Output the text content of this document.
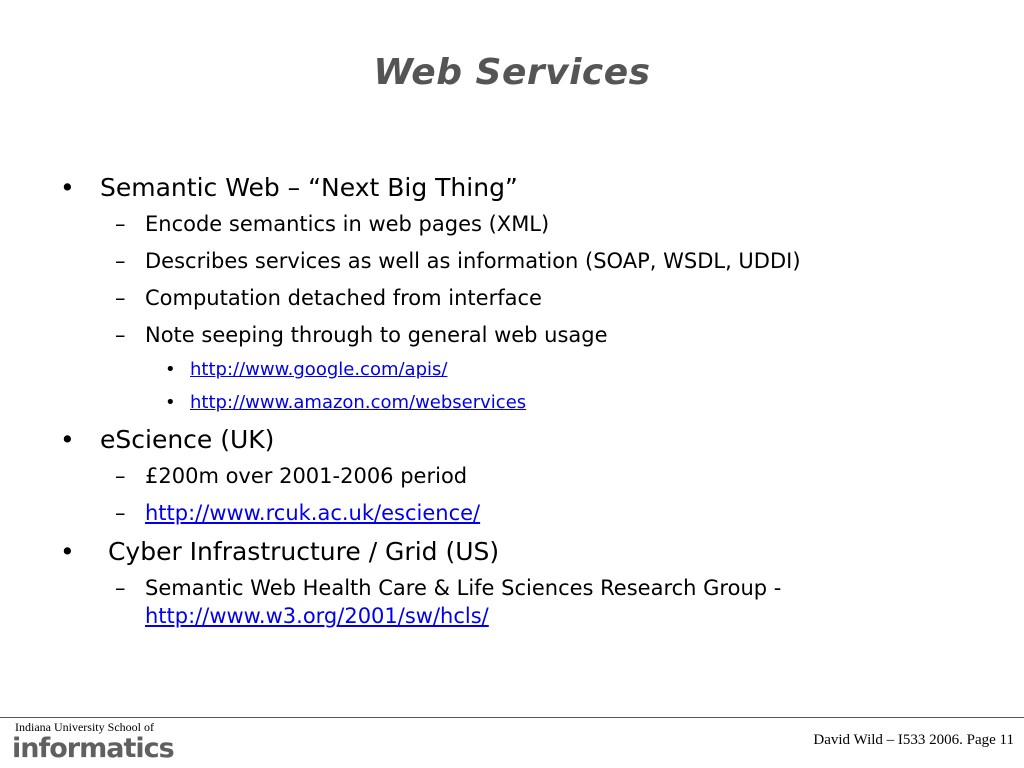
Web Services
• Semantic Web – “Next Big Thing”
– Encode semantics in web pages (XML)
– Describes services as well as information (SOAP, WSDL, UDDI)
– Computation detached from interface
– Note seeping through to general web usage
• http://www.google.com/apis/
• http://www.amazon.com/webservices
• eScience (UK)
– £200m over 2001-2006 period
– http://www.rcuk.ac.uk/escience/
• Cyber Infrastructure / Grid (US)
– Semantic Web Health Care & Life Sciences Research Group -
http://www.w3.org/2001/sw/hcls/
Indiana University School of
informatics	David Wild – I533 2006. Page 11
